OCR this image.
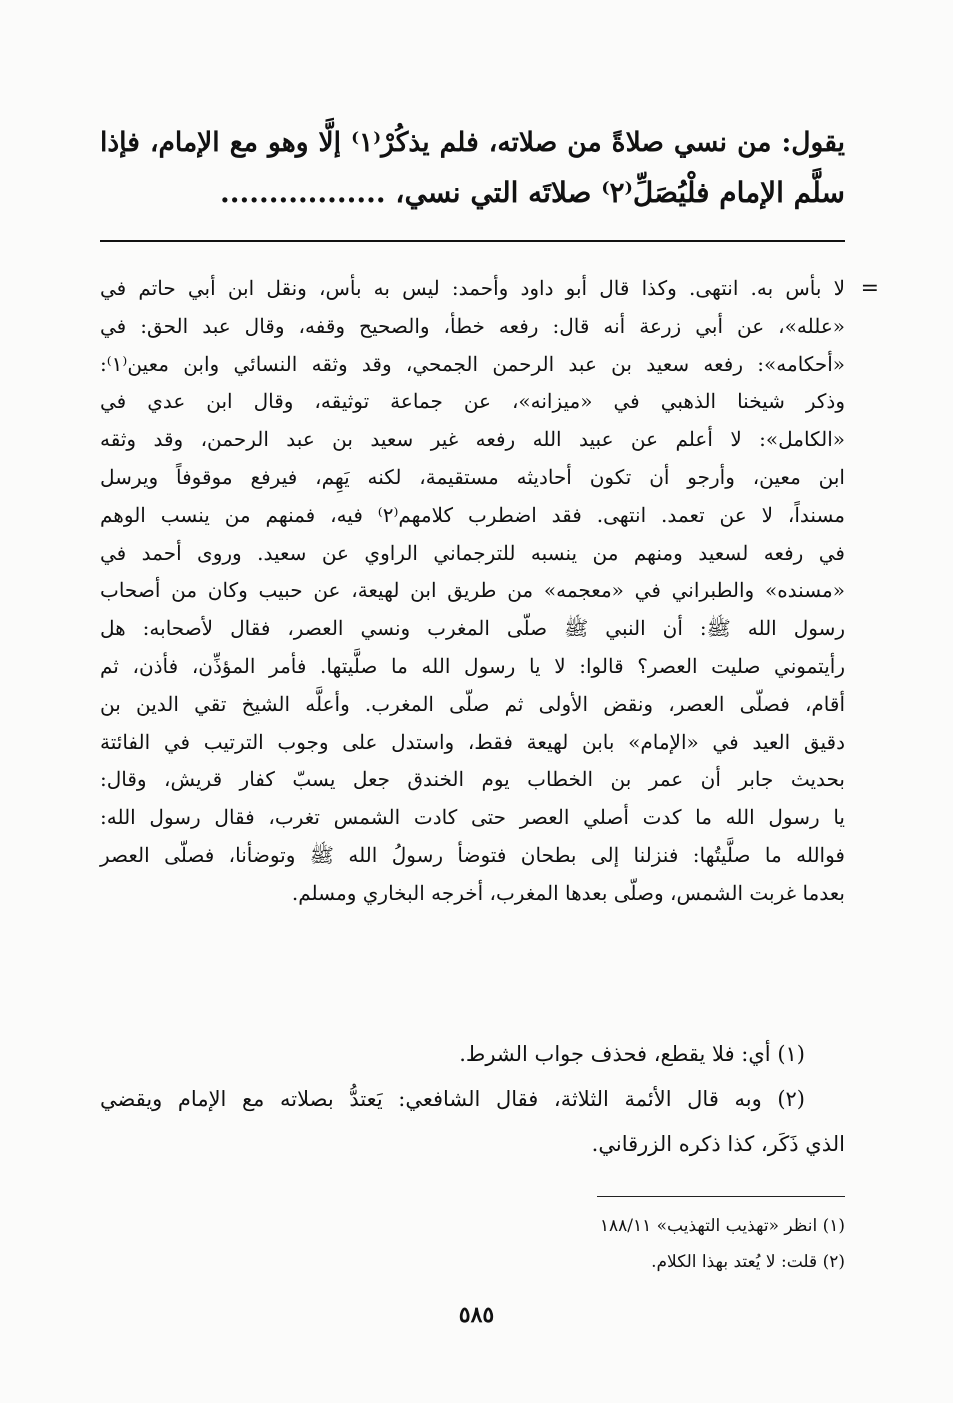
يقول: من نسي صلاةً من صلاته، فلم يذكُرْ⁽١⁾ إلَّا وهو مع الإمام، فإذا
سلَّم الإمام فلْيُصَلِّ⁽٢⁾ صلاتَه التي نسي، .................
=
لا بأس به. انتهى. وكذا قال أبو داود وأحمد: ليس به بأس، ونقل ابن أبي حاتم في
«علله»، عن أبي زرعة أنه قال: رفعه خطأ، والصحيح وقفه، وقال عبد الحق: في
«أحكامه»: رفعه سعيد بن عبد الرحمن الجمحي، وقد وثقه النسائي وابن معين⁽١⁾:
وذكر شيخنا الذهبي في «ميزانه»، عن جماعة توثيقه، وقال ابن عدي في
«الكامل»: لا أعلم عن عبيد الله رفعه غير سعيد بن عبد الرحمن، وقد وثقه
ابن معين، وأرجو أن تكون أحاديثه مستقيمة، لكنه يَهِم، فيرفع موقوفاً ويرسل
مسنداً، لا عن تعمد. انتهى. فقد اضطرب كلامهم⁽٢⁾ فيه، فمنهم من ينسب الوهم
في رفعه لسعيد ومنهم من ينسبه للترجماني الراوي عن سعيد. وروى أحمد في
«مسنده» والطبراني في «معجمه» من طريق ابن لهيعة، عن حبيب وكان من أصحاب
رسول الله ﷺ: أن النبي ﷺ صلّى المغرب ونسي العصر، فقال لأصحابه: هل
رأيتموني صليت العصر؟ قالوا: لا يا رسول الله ما صلَّيتها. فأمر المؤذِّن، فأذن، ثم
أقام، فصلّى العصر، ونقض الأولى ثم صلّى المغرب. وأعلَّه الشيخ تقي الدين بن
دقيق العيد في «الإمام» بابن لهيعة فقط، واستدل على وجوب الترتيب في الفائتة
بحديث جابر أن عمر بن الخطاب يوم الخندق جعل يسبّ كفار قريش، وقال:
يا رسول الله ما كدت أصلي العصر حتى كادت الشمس تغرب، فقال رسول الله:
فوالله ما صلَّيتُها: فنزلنا إلى بطحان فتوضأ رسولُ الله ﷺ وتوضأنا، فصلّى العصر
بعدما غربت الشمس، وصلّى بعدها المغرب، أخرجه البخاري ومسلم.
(١) أي: فلا يقطع، فحذف جواب الشرط.
(٢) وبه قال الأئمة الثلاثة، فقال الشافعي: يَعتدُّ بصلاته مع الإمام ويقضي
الذي ذَكَر، كذا ذكره الزرقاني.
(١) انظر «تهذيب التهذيب» ١٨٨/١١
(٢) قلت: لا يُعتد بهذا الكلام.
٥٨٥
